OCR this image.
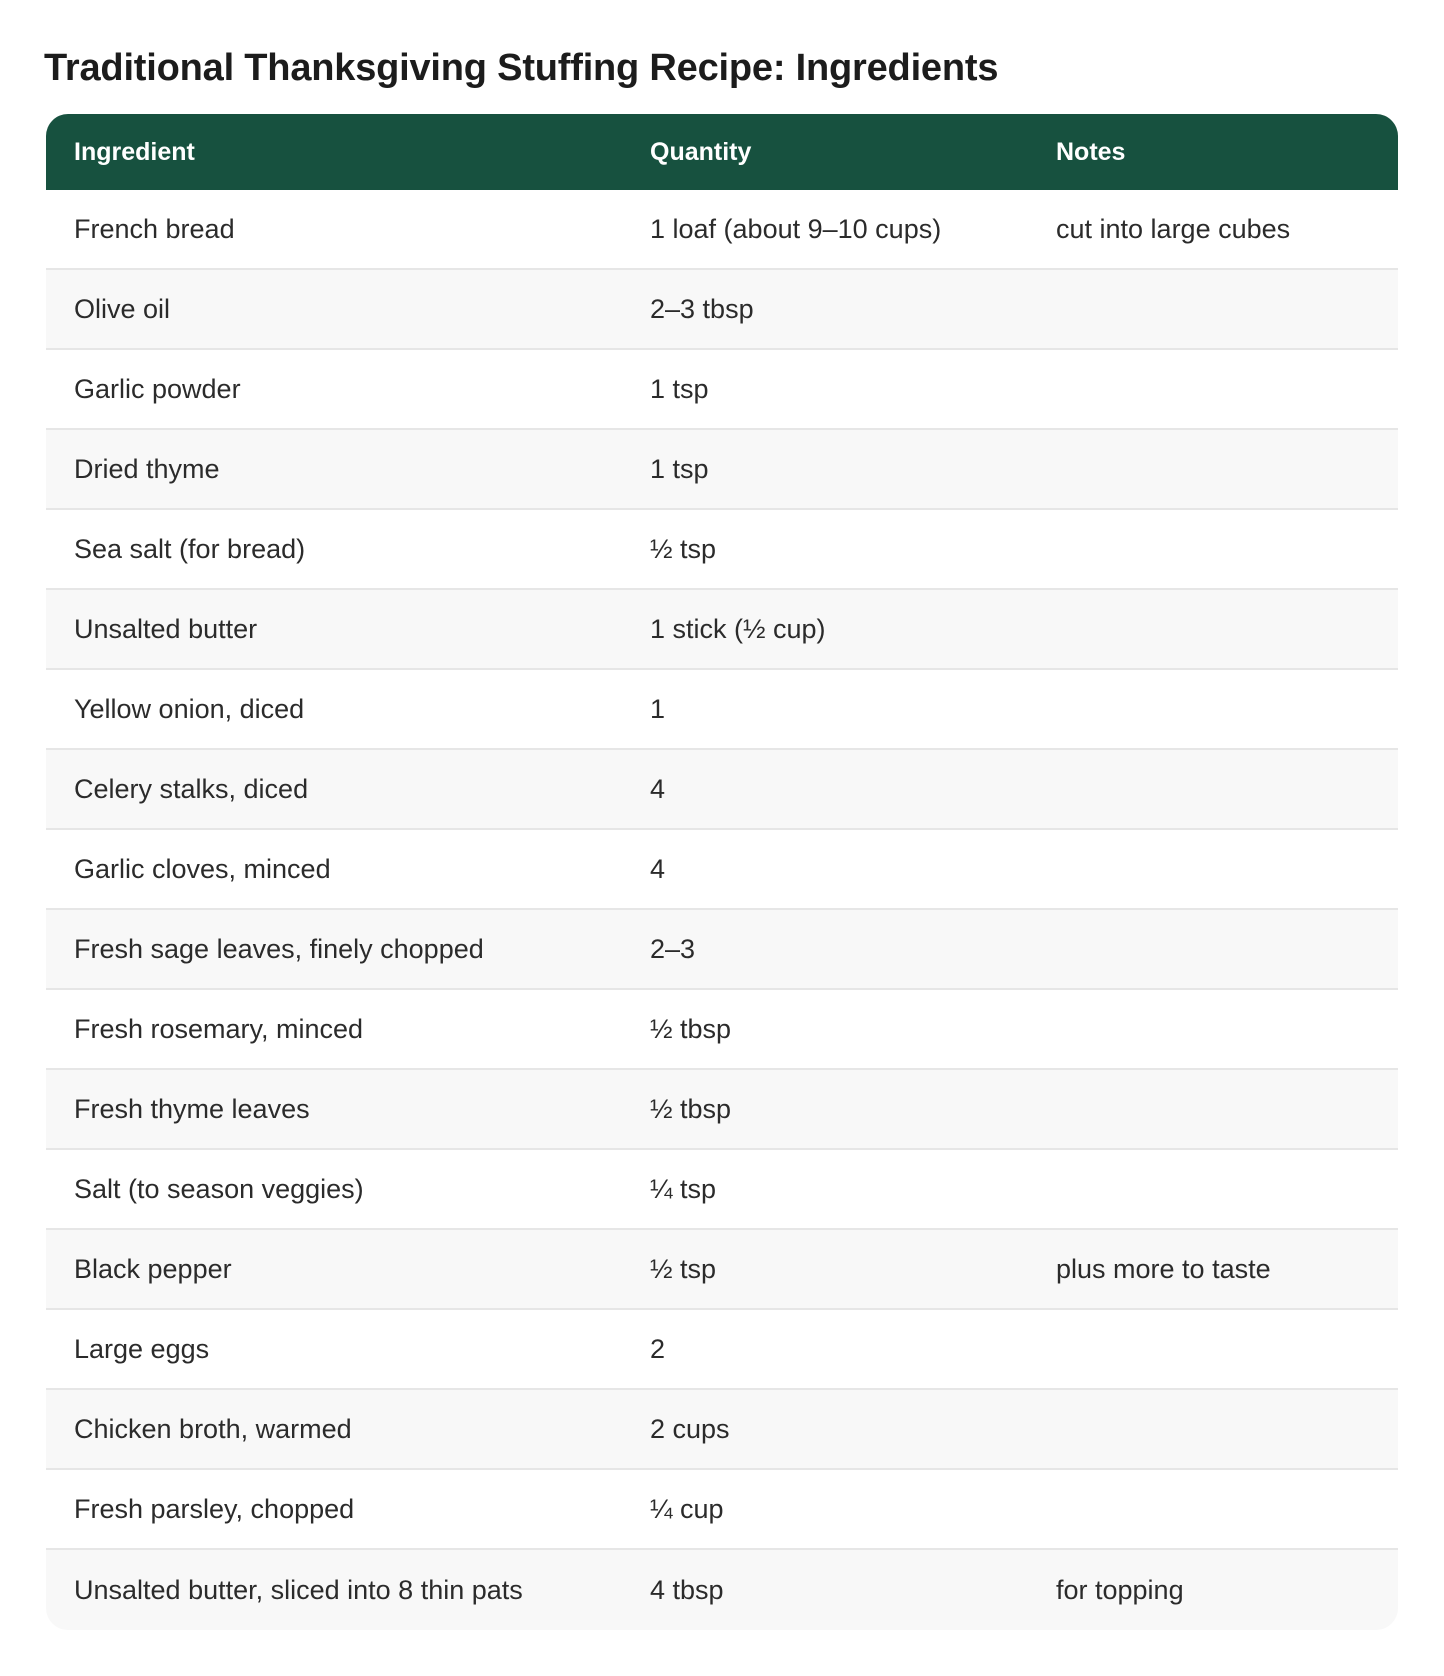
Traditional Thanksgiving Stuffing Recipe: Ingredients
Ingredient	Quantity	Notes
French bread	1 loaf (about 9–10 cups)	cut into large cubes
Olive oil	2–3 tbsp
Garlic powder	1 tsp
Dried thyme	1 tsp
Sea salt (for bread)	½ tsp
Unsalted butter	1 stick (½ cup)
Yellow onion, diced	1
Celery stalks, diced	4
Garlic cloves, minced	4
Fresh sage leaves, finely chopped	2–3
Fresh rosemary, minced	½ tbsp
Fresh thyme leaves	½ tbsp
Salt (to season veggies)	¼ tsp
Black pepper	½ tsp	plus more to taste
Large eggs	2
Chicken broth, warmed	2 cups
Fresh parsley, chopped	¼ cup
Unsalted butter, sliced into 8 thin pats	4 tbsp	for topping
